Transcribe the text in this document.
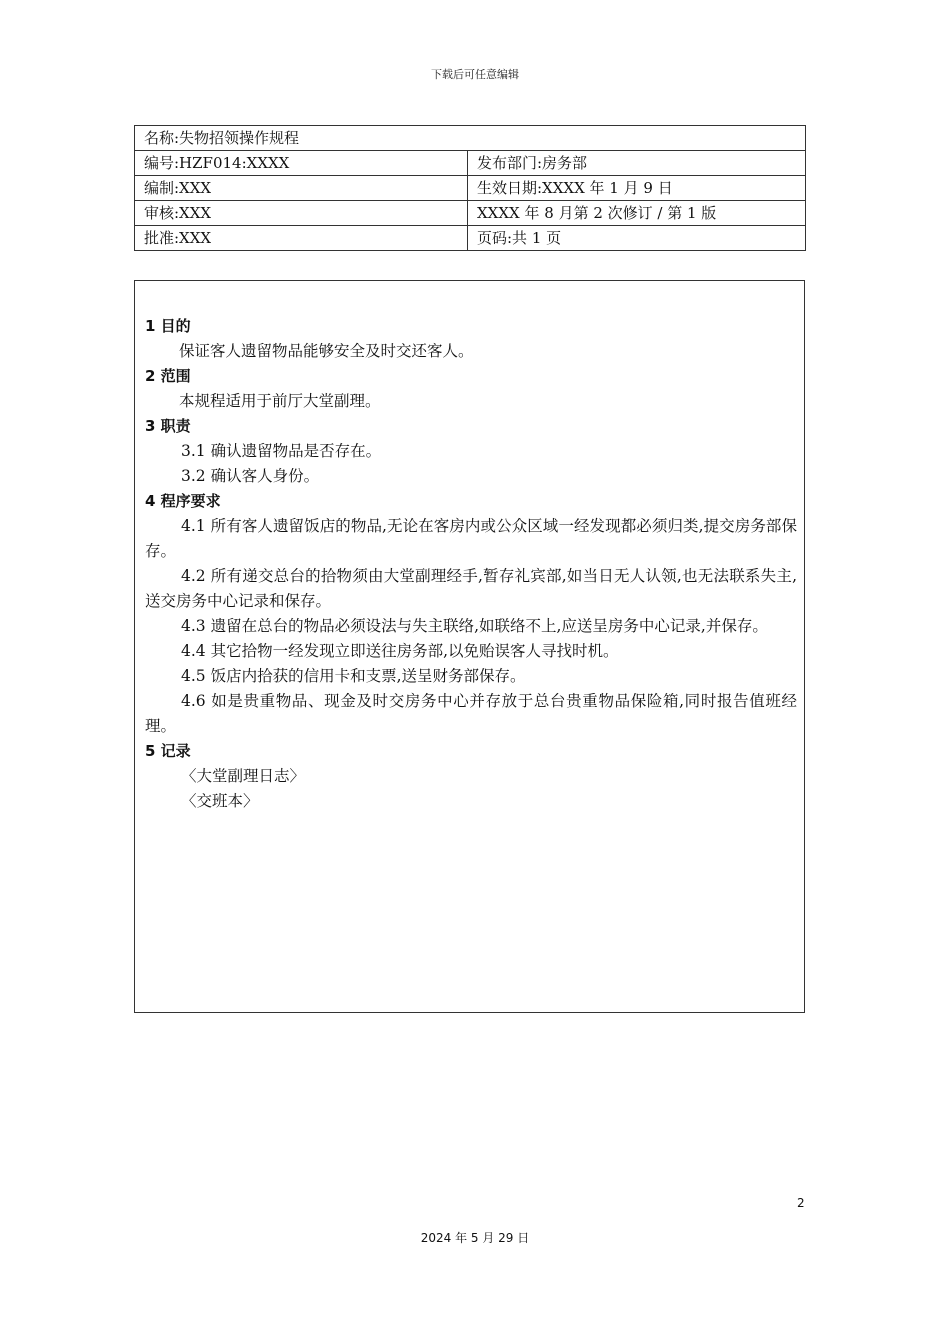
下载后可任意编辑
名称:失物招领操作规程	
编号:HZF014:XXXX	发布部门:房务部
编制:XXX	生效日期:XXXX 年 1 月 9 日
审核:XXX	XXXX 年 8 月第 2 次修订 / 第 1 版
批准:XXX	页码:共 1 页

1 目的

保证客人遗留物品能够安全及时交还客人。

2 范围

本规程适用于前厅大堂副理。

3 职责

3.1 确认遗留物品是否存在。

3.2 确认客人身份。

4 程序要求

4.1 所有客人遗留饭店的物品,无论在客房内或公众区域一经发现都必须归类,提交房务部保存。

4.2 所有递交总台的拾物须由大堂副理经手,暂存礼宾部,如当日无人认领,也无法联系失主,送交房务中心记录和保存。

4.3 遗留在总台的物品必须设法与失主联络,如联络不上,应送呈房务中心记录,并保存。

4.4 其它拾物一经发现立即送往房务部,以免贻误客人寻找时机。

4.5 饭店内拾获的信用卡和支票,送呈财务部保存。

4.6 如是贵重物品、现金及时交房务中心并存放于总台贵重物品保险箱,同时报告值班经理。

5 记录

〈大堂副理日志〉

〈交班本〉

2
2024 年 5 月 29 日
